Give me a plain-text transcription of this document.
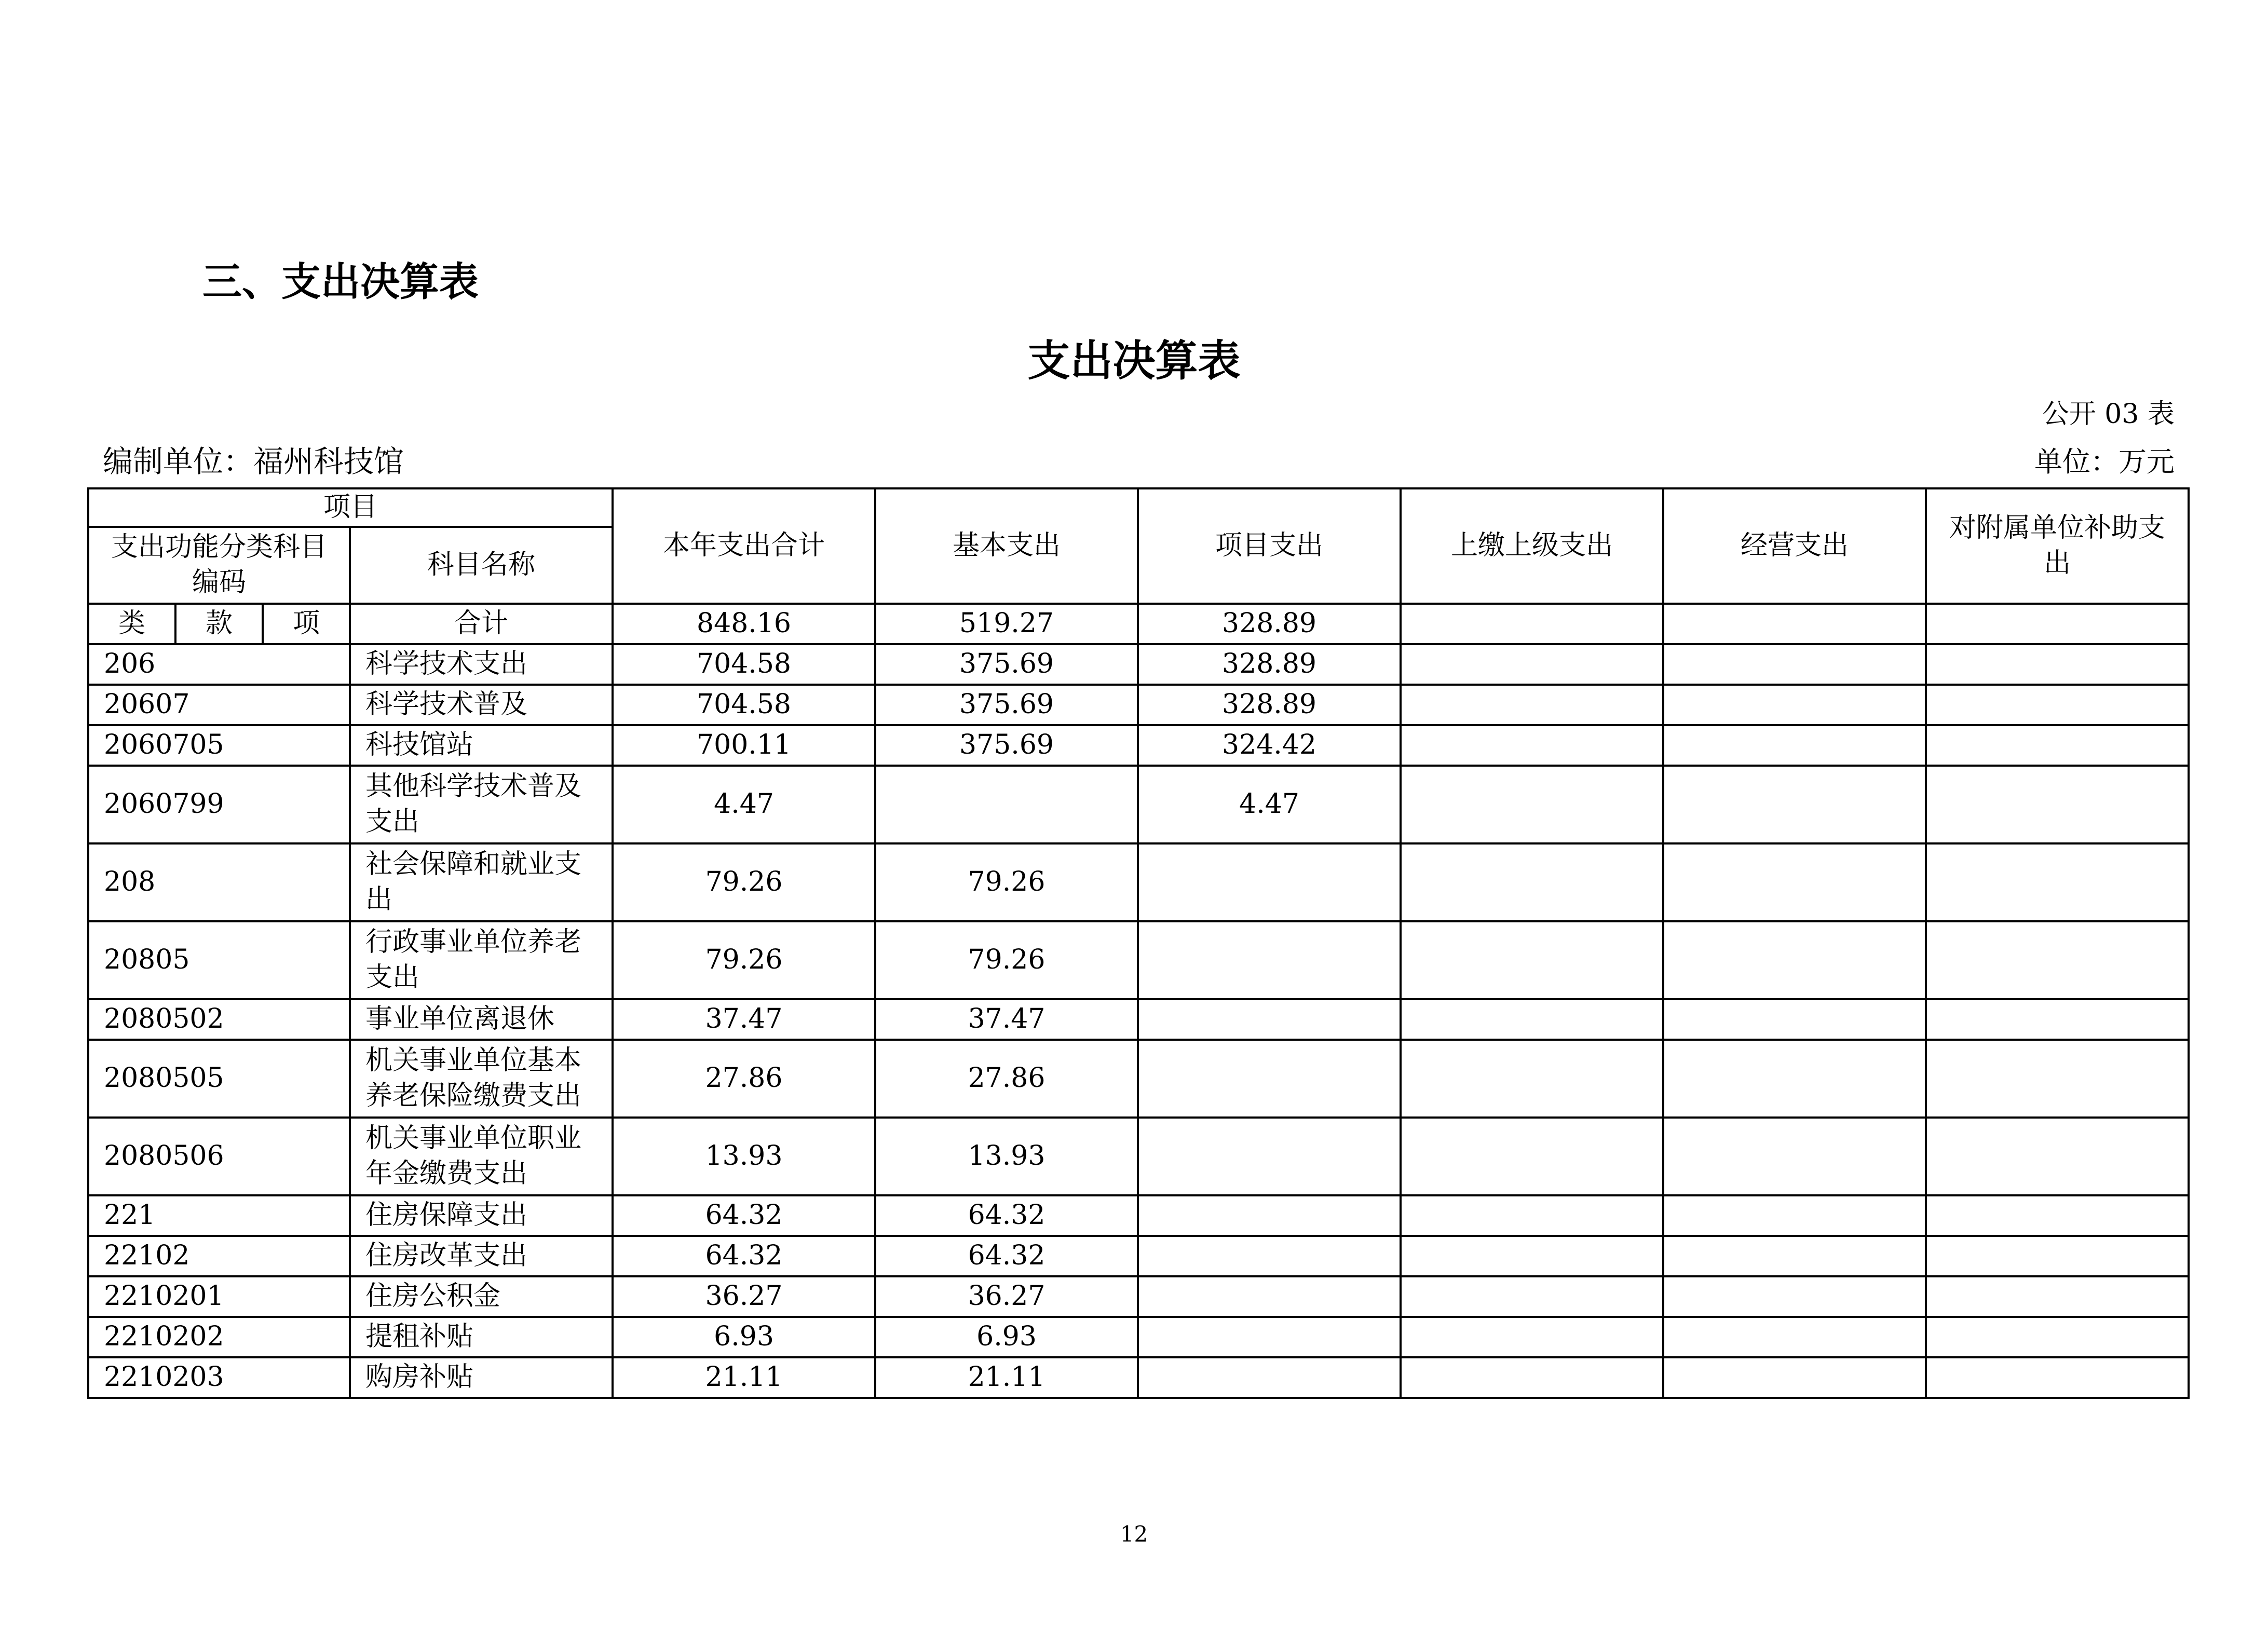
三、支出决算表
支出决算表
公开 03 表
编制单位：福州科技馆	单位：万元
项目				本年支出合计	基本支出	项目支出	上缴上级支出	经营支出	对附属单位补助支出
支出功能分类科目编码			科目名称						
类	款	项	合计	848.16	519.27	328.89			
206			科学技术支出	704.58	375.69	328.89			
20607			科学技术普及	704.58	375.69	328.89			
2060705			科技馆站	700.11	375.69	324.42			
2060799			其他科学技术普及支出	4.47		4.47			
208			社会保障和就业支出	79.26	79.26				
20805			行政事业单位养老支出	79.26	79.26				
2080502			事业单位离退休	37.47	37.47				
2080505			机关事业单位基本养老保险缴费支出	27.86	27.86				
2080506			机关事业单位职业年金缴费支出	13.93	13.93				
221			住房保障支出	64.32	64.32				
22102			住房改革支出	64.32	64.32				
2210201			住房公积金	36.27	36.27				
2210202			提租补贴	6.93	6.93				
2210203			购房补贴	21.11	21.11				
12
